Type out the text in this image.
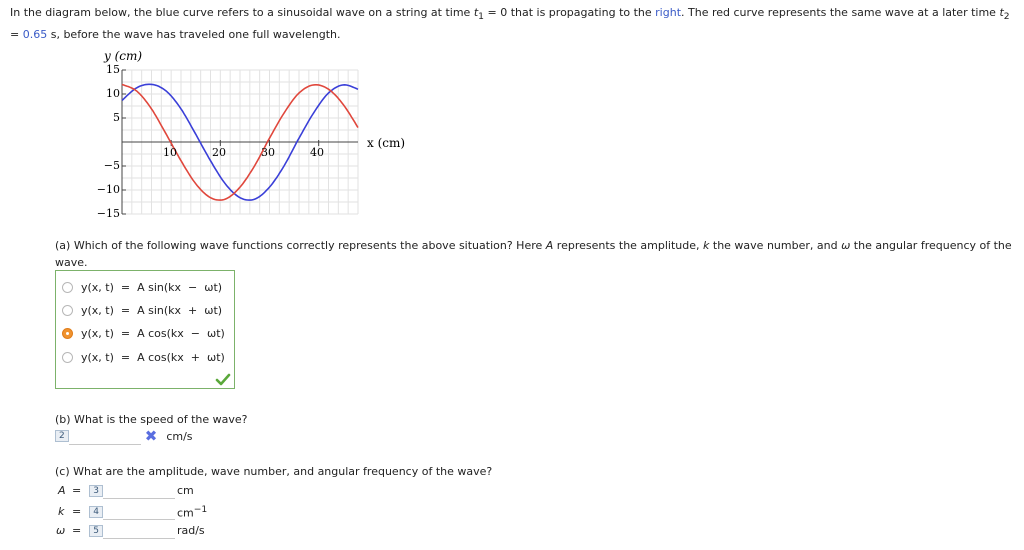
In the diagram below, the blue curve refers to a sinusoidal wave on a string at time $t_1 = 0$ that is propagating to the right. The red curve represents the same wave at a later time $t_2 = 0.65$ s, before the wave has traveled one full wavelength.
y (cm)
x (cm)
15
10
5
−5
−10
−15
10	20	30	40
(a) Which of the following wave functions correctly represents the above situation? Here A represents the amplitude, k the wave number, and ω the angular frequency of the wave.
y(x, t)  =  A sin(kx  −  ωt)
y(x, t)  =  A sin(kx  +  ωt)
y(x, t)  =  A cos(kx  −  ωt)
y(x, t)  =  A cos(kx  +  ωt)
(b) What is the speed of the wave?
2	✖ cm/s
(c) What are the amplitude, wave number, and angular frequency of the wave?
A =	3	cm
k =	4	$cm^{-1}$
ω =	5	rad/s
